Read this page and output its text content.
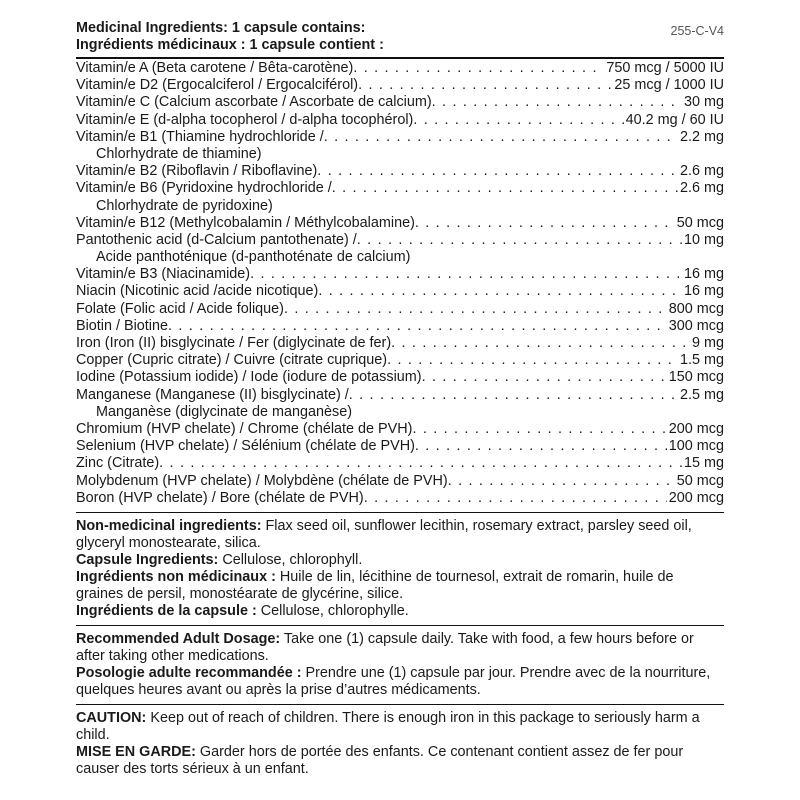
Medicinal Ingredients: 1 capsule contains:
Ingrédients médicinaux : 1 capsule contient :
255-C-V4
Vitamin/e A (Beta carotene / Bêta-carotène) . . .	750 mcg / 5000 IU
Vitamin/e D2 (Ergocalciferol / Ergocalciférol) . . .	25 mcg / 1000 IU
Vitamin/e C (Calcium ascorbate / Ascorbate de calcium) . . .	30 mg
Vitamin/e E (d-alpha tocopherol / d-alpha tocophérol) . . .	40.2 mg / 60 IU
Vitamin/e B1 (Thiamine hydrochloride / . . .	2.2 mg
Chlorhydrate de thiamine)
Vitamin/e B2 (Riboflavin / Riboflavine) . . .	2.6 mg
Vitamin/e B6 (Pyridoxine hydrochloride / . . .	2.6 mg
Chlorhydrate de pyridoxine)
Vitamin/e B12 (Methylcobalamin / Méthylcobalamine) . . .	50 mcg
Pantothenic acid (d-Calcium pantothenate) / . . .	10 mg
Acide panthoténique (d-panthoténate de calcium)
Vitamin/e B3 (Niacinamide) . . .	16 mg
Niacin (Nicotinic acid /acide nicotique) . . .	16 mg
Folate (Folic acid / Acide folique) . . .	800 mcg
Biotin / Biotine . . .	300 mcg
Iron (Iron (II) bisglycinate / Fer (diglycinate de fer) . . .	9 mg
Copper (Cupric citrate) / Cuivre (citrate cuprique) . . .	1.5 mg
Iodine (Potassium iodide) / Iode (iodure de potassium) . . .	150 mcg
Manganese (Manganese (II) bisglycinate) / . . .	2.5 mg
Manganèse (diglycinate de manganèse)
Chromium (HVP chelate) / Chrome (chélate de PVH) . . .	200 mcg
Selenium (HVP chelate) / Sélénium (chélate de PVH) . . .	100 mcg
Zinc (Citrate) . . .	15 mg
Molybdenum (HVP chelate) / Molybdène (chélate de PVH) . . .	50 mcg
Boron (HVP chelate) / Bore (chélate de PVH) . . .	200 mcg

Non-medicinal ingredients: Flax seed oil, sunflower lecithin, rosemary extract, parsley seed oil, glyceryl monostearate, silica.

Capsule Ingredients: Cellulose, chlorophyll.

Ingrédients non médicinaux : Huile de lin, lécithine de tournesol, extrait de romarin, huile de graines de persil, monostéarate de glycérine, silice.

Ingrédients de la capsule : Cellulose, chlorophylle.

Recommended Adult Dosage: Take one (1) capsule daily. Take with food, a few hours before or after taking other medications.

Posologie adulte recommandée : Prendre une (1) capsule par jour. Prendre avec de la nourriture, quelques heures avant ou après la prise d’autres médicaments.

CAUTION: Keep out of reach of children. There is enough iron in this package to seriously harm a child.

MISE EN GARDE: Garder hors de portée des enfants. Ce contenant contient assez de fer pour causer des torts sérieux à un enfant.
